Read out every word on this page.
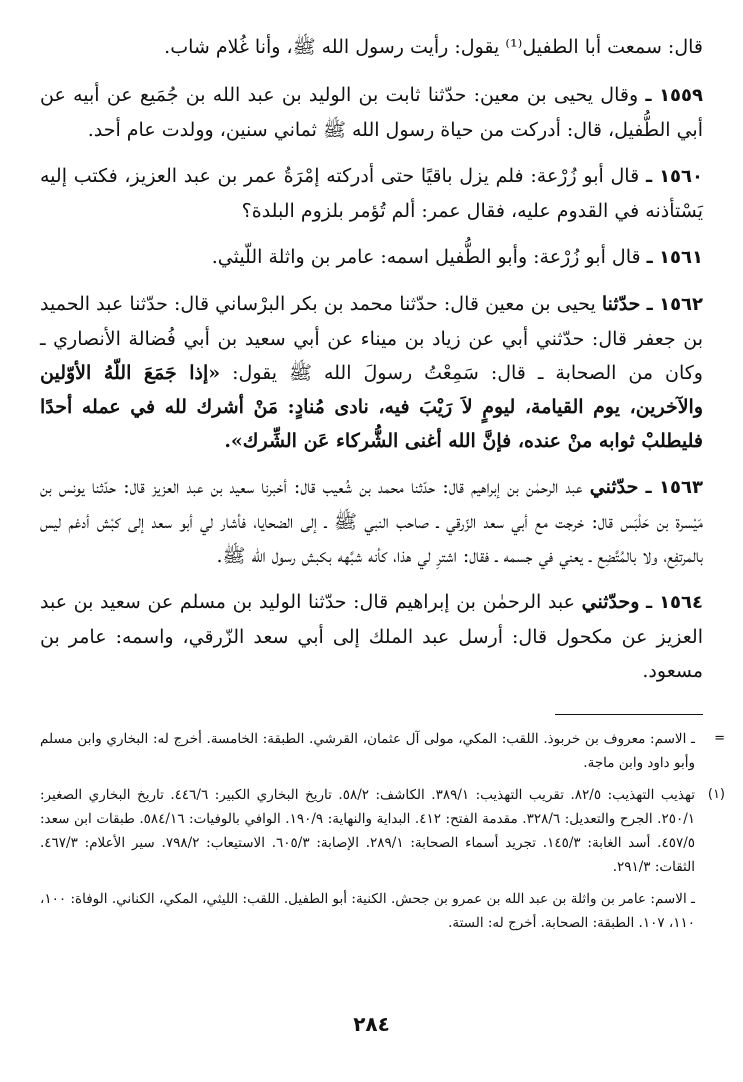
قال: سمعت أبا الطفيل⁽¹⁾ يقول: رأيت رسول الله ﷺ، وأنا غُلام شاب.

١٥٥٩ ـ وقال يحيى بن معين: حدّثنا ثابت بن الوليد بن عبد الله بن جُمَيع عن أبيه عن أبي الطُّفيل، قال: أدركت من حياة رسول الله ﷺ ثماني سنين، وولدت عام أحد.

١٥٦٠ ـ قال أبو زُرْعة: فلم يزل باقيًا حتى أدركته إمْرَةُ عمر بن عبد العزيز، فكتب إليه يَسْتأذنه في القدوم عليه، فقال عمر: ألم تُؤمر بلزوم البلدة؟

١٥٦١ ـ قال أبو زُرْعة: وأبو الطُّفيل اسمه: عامر بن واثلة اللّيثي.

١٥٦٢ ـ حدّثنا يحيى بن معين قال: حدّثنا محمد بن بكر البرْساني قال: حدّثنا عبد الحميد بن جعفر قال: حدّثني أبي عن زياد بن ميناء عن أبي سعيد بن أبي فُضالة الأنصاري ـ وكان من الصحابة ـ قال: سَمِعْتُ رسولَ الله ﷺ يقول: «إذا جَمَعَ اللّهُ الأوّلين والآخرين، يوم القيامة، ليومٍ لاَ رَيْبَ فيه، نادى مُنادٍ: مَنْ أشرك لله في عمله أحدًا فليطلبْ ثوابه منْ عنده، فإنَّ الله أغنى الشُّركاء عَن الشِّرك».

١٥٦٣ ـ حدّثني عبد الرحمٰن بن إبراهيم قال: حدّثنا محمد بن شُعيب قال: أخبرنا سعيد بن عبد العزيز قال: حدّثنا يونس بن مَيْسرة بن حَلْبَس قال: خرجت مع أبي سعد الزّرقي ـ صاحب النبي ﷺ ـ إلى الضحايا، فأشار لي أبو سعد إلى كبْش أدغم ليس بالمرتفِع، ولا بالمُتَّضِع ـ يعني في جسمه ـ فقال: اشترِ لي هذا، كأنه شبَّهه بكبش رسول الله ﷺ.

١٥٦٤ ـ وحدّثني عبد الرحمٰن بن إبراهيم قال: حدّثنا الوليد بن مسلم عن سعيد بن عبد العزيز عن مكحول قال: أرسل عبد الملك إلى أبي سعد الزّرقي، واسمه: عامر بن مسعود.

=
ـ الاسم: معروف بن خربوذ. اللقب: المكي، مولى آل عثمان، القرشي. الطبقة: الخامسة. أخرج له: البخاري وابن مسلم وأبو داود وابن ماجة.

(١)
تهذيب التهذيب: ٨٢/٥. تقريب التهذيب: ٣٨٩/١. الكاشف: ٥٨/٢. تاريخ البخاري الكبير: ٤٤٦/٦. تاريخ البخاري الصغير: ٢٥٠/١. الجرح والتعديل: ٣٢٨/٦. مقدمة الفتح: ٤١٢. البداية والنهاية: ١٩٠/٩. الوافي بالوفيات: ٥٨٤/١٦. طبقات ابن سعد: ٤٥٧/٥. أسد الغابة: ١٤٥/٣. تجريد أسماء الصحابة: ٢٨٩/١. الإصابة: ٦٠٥/٣. الاستيعاب: ٧٩٨/٢. سير الأعلام: ٤٦٧/٣. الثقات: ٢٩١/٣.

ـ الاسم: عامر بن واثلة بن عبد الله بن عمرو بن جحش. الكنية: أبو الطفيل. اللقب: الليثي، المكي، الكناني. الوفاة: ١٠٠، ١١٠، ١٠٧. الطبقة: الصحابة. أخرج له: الستة.

٢٨٤
